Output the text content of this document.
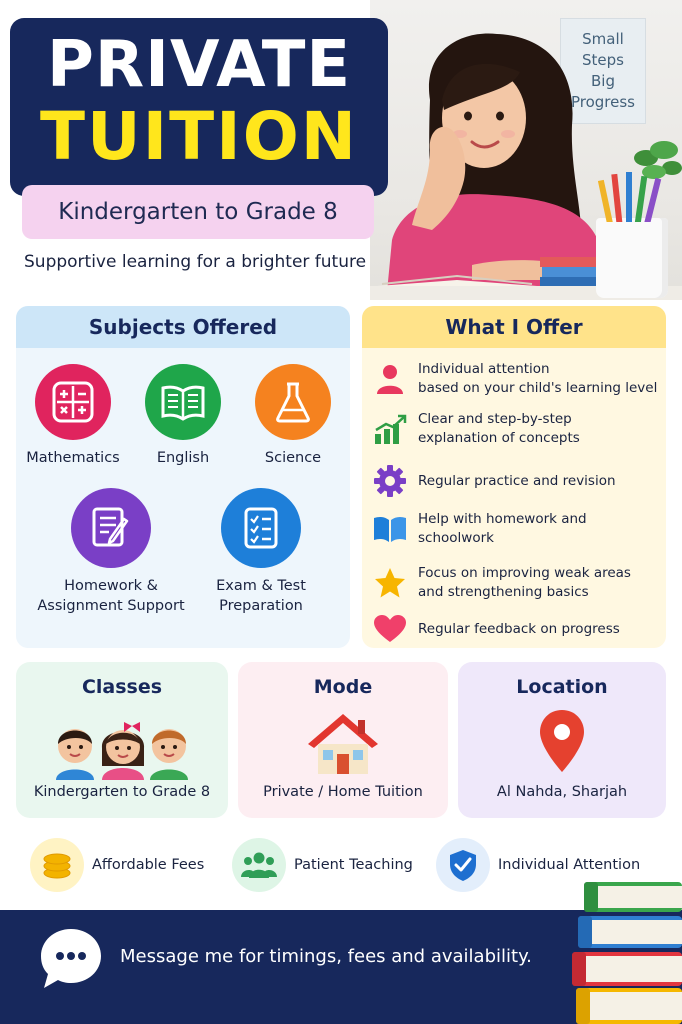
Small
Steps
Big
Progress
PRIVATE
TUITION
Kindergarten to Grade 8
Supportive learning for a brighter future
Subjects Offered
Mathematics	English	Science
Homework &
Assignment Support
Exam & Test
Preparation
What I Offer
Individual attention
based on your child's learning level
Clear and step-by-step
explanation of concepts
Regular practice and revision
Help with homework and
schoolwork
Focus on improving weak areas
and strengthening basics
Regular feedback on progress
Classes
Kindergarten to Grade 8
Mode
Private / Home Tuition
Location
Al Nahda, Sharjah
Affordable Fees	Patient Teaching	Individual Attention
Message me for timings, fees and availability.
